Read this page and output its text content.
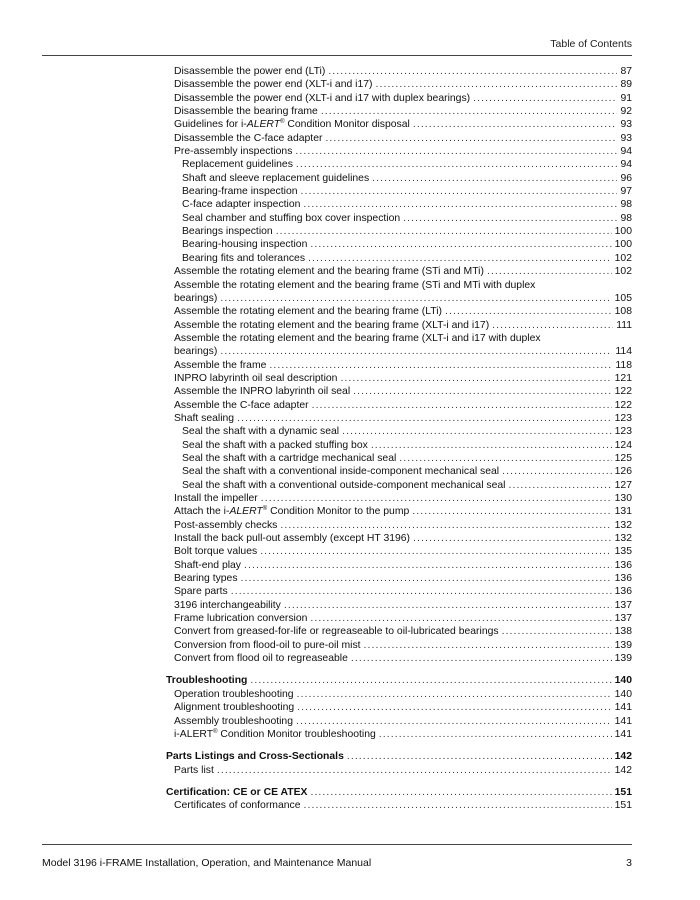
Table of Contents
Disassemble the power end (LTi) .....	87
Disassemble the power end (XLT-i and i17) .....	89
Disassemble the power end (XLT-i and i17 with duplex bearings) .....	91
Disassemble the bearing frame .....	92
Guidelines for i-ALERT® Condition Monitor disposal .....	93
Disassemble the C-face adapter .....	93
Pre-assembly inspections .....	94
Replacement guidelines .....	94
Shaft and sleeve replacement guidelines .....	96
Bearing-frame inspection .....	97
C-face adapter inspection .....	98
Seal chamber and stuffing box cover inspection .....	98
Bearings inspection .....	100
Bearing-housing inspection .....	100
Bearing fits and tolerances .....	102
Assemble the rotating element and the bearing frame (STi and MTi) .....	102
Assemble the rotating element and the bearing frame (STi and MTi with duplex
bearings) .....	105
Assemble the rotating element and the bearing frame (LTi) .....	108
Assemble the rotating element and the bearing frame (XLT-i and i17) .....	111
Assemble the rotating element and the bearing frame (XLT-i and i17 with duplex
bearings) .....	114
Assemble the frame .....	118
INPRO labyrinth oil seal description .....	121
Assemble the INPRO labyrinth oil seal .....	122
Assemble the C-face adapter .....	122
Shaft sealing .....	123
Seal the shaft with a dynamic seal .....	123
Seal the shaft with a packed stuffing box .....	124
Seal the shaft with a cartridge mechanical seal .....	125
Seal the shaft with a conventional inside-component mechanical seal .....	126
Seal the shaft with a conventional outside-component mechanical seal .....	127
Install the impeller .....	130
Attach the i-ALERT® Condition Monitor to the pump .....	131
Post-assembly checks .....	132
Install the back pull-out assembly (except HT 3196) .....	132
Bolt torque values .....	135
Shaft-end play .....	136
Bearing types .....	136
Spare parts .....	136
3196 interchangeability .....	137
Frame lubrication conversion .....	137
Convert from greased-for-life or regreaseable to oil-lubricated bearings .....	138
Conversion from flood-oil to pure-oil mist .....	139
Convert from flood oil to regreaseable .....	139
Troubleshooting .....	140
Operation troubleshooting .....	140
Alignment troubleshooting .....	141
Assembly troubleshooting .....	141
i-ALERT® Condition Monitor troubleshooting .....	141
Parts Listings and Cross-Sectionals .....	142
Parts list .....	142
Certification: CE or CE ATEX .....	151
Certificates of conformance .....	151
Model 3196 i-FRAME Installation, Operation, and Maintenance Manual	3
